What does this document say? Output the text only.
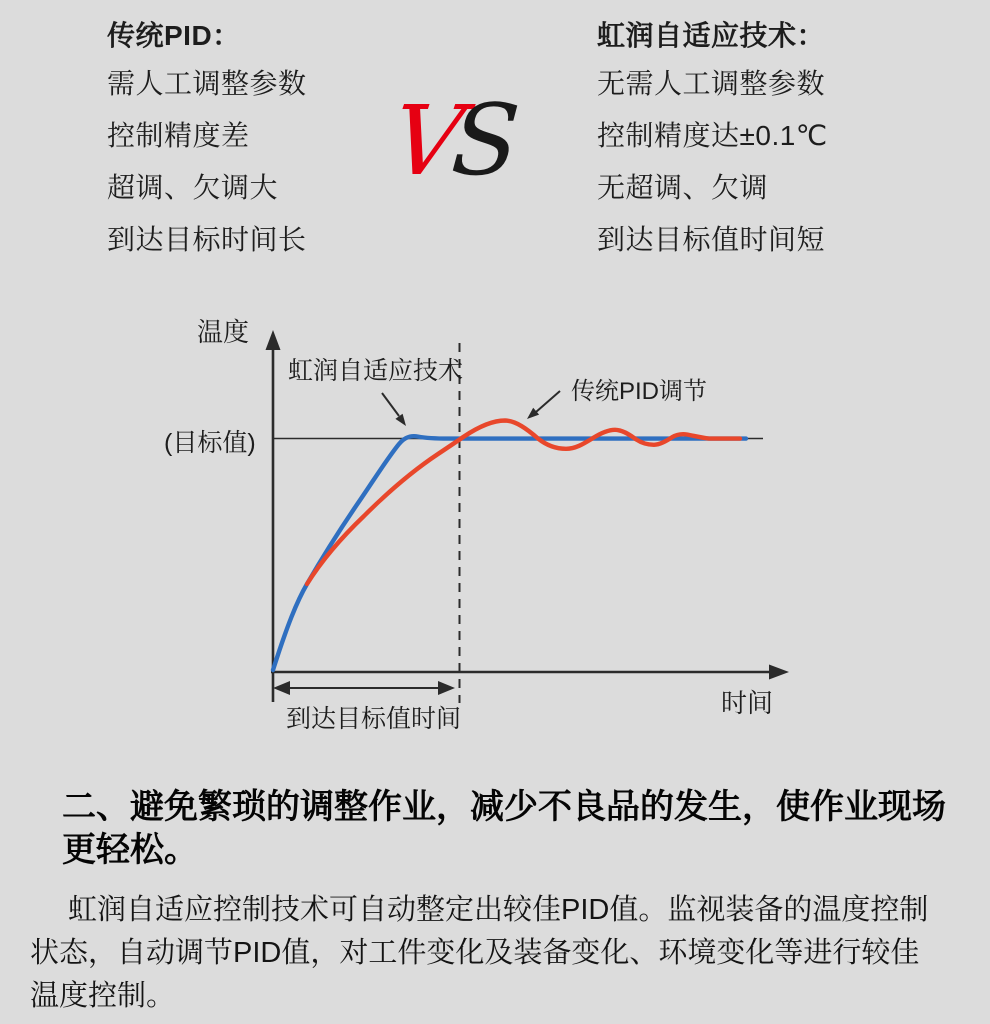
传统PID：
需人工调整参数
控制精度差
超调、欠调大
到达目标时间长
V
S
虹润自适应技术：
无需人工调整参数
控制精度达±0.1℃
无超调、欠调
到达目标值时间短
温度
(目标值)
虹润自适应技术
传统PID调节
时间
到达目标值时间
二、避免繁琐的调整作业，减少不良品的发生，使作业现场
更轻松。
虹润自适应控制技术可自动整定出较佳PID值。监视装备的温度控制
状态，自动调节PID值，对工件变化及装备变化、环境变化等进行较佳
温度控制。
